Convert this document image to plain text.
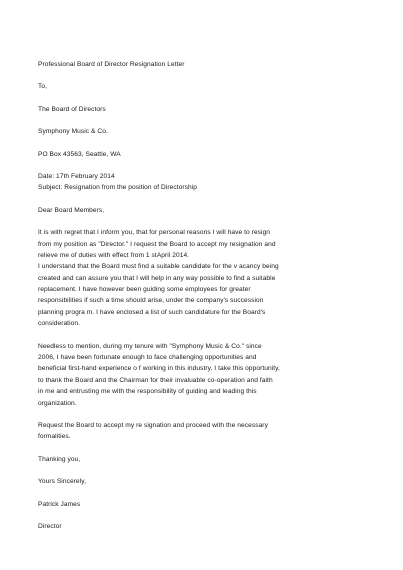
Professional Board of Director Resignation Letter
To,
The Board of Directors
Symphony Music & Co.
PO Box 43563, Seattle, WA
Date: 17th February 2014
Subject: Resignation from the position of Directorship
Dear Board Members,
It is with regret that I inform you, that for personal reasons I will have to resign
from my position as "Director." I request the Board to accept my resignation and
relieve me of duties with effect from 1 stApril 2014.
I understand that the Board must find a suitable candidate for the v acancy being
created and can assure you that I will help in any way possible to find a suitable
replacement. I have however been guiding some employees for greater
responsibilities if such a time should arise, under the company's succession
planning progra m. I have enclosed a list of such candidature for the Board's
consideration.
Needless to mention, during my tenure with "Symphony Music & Co." since
2006, I have been fortunate enough to face challenging opportunities and
beneficial first-hand experience o f working in this industry. I take this opportunity,
to thank the Board and the Chairman for their invaluable co-operation and faith
in me and entrusting me with the responsibility of guiding and leading this
organization.
Request the Board to accept my re signation and proceed with the necessary
formalities.
Thanking you,
Yours Sincerely,
Patrick James
Director
